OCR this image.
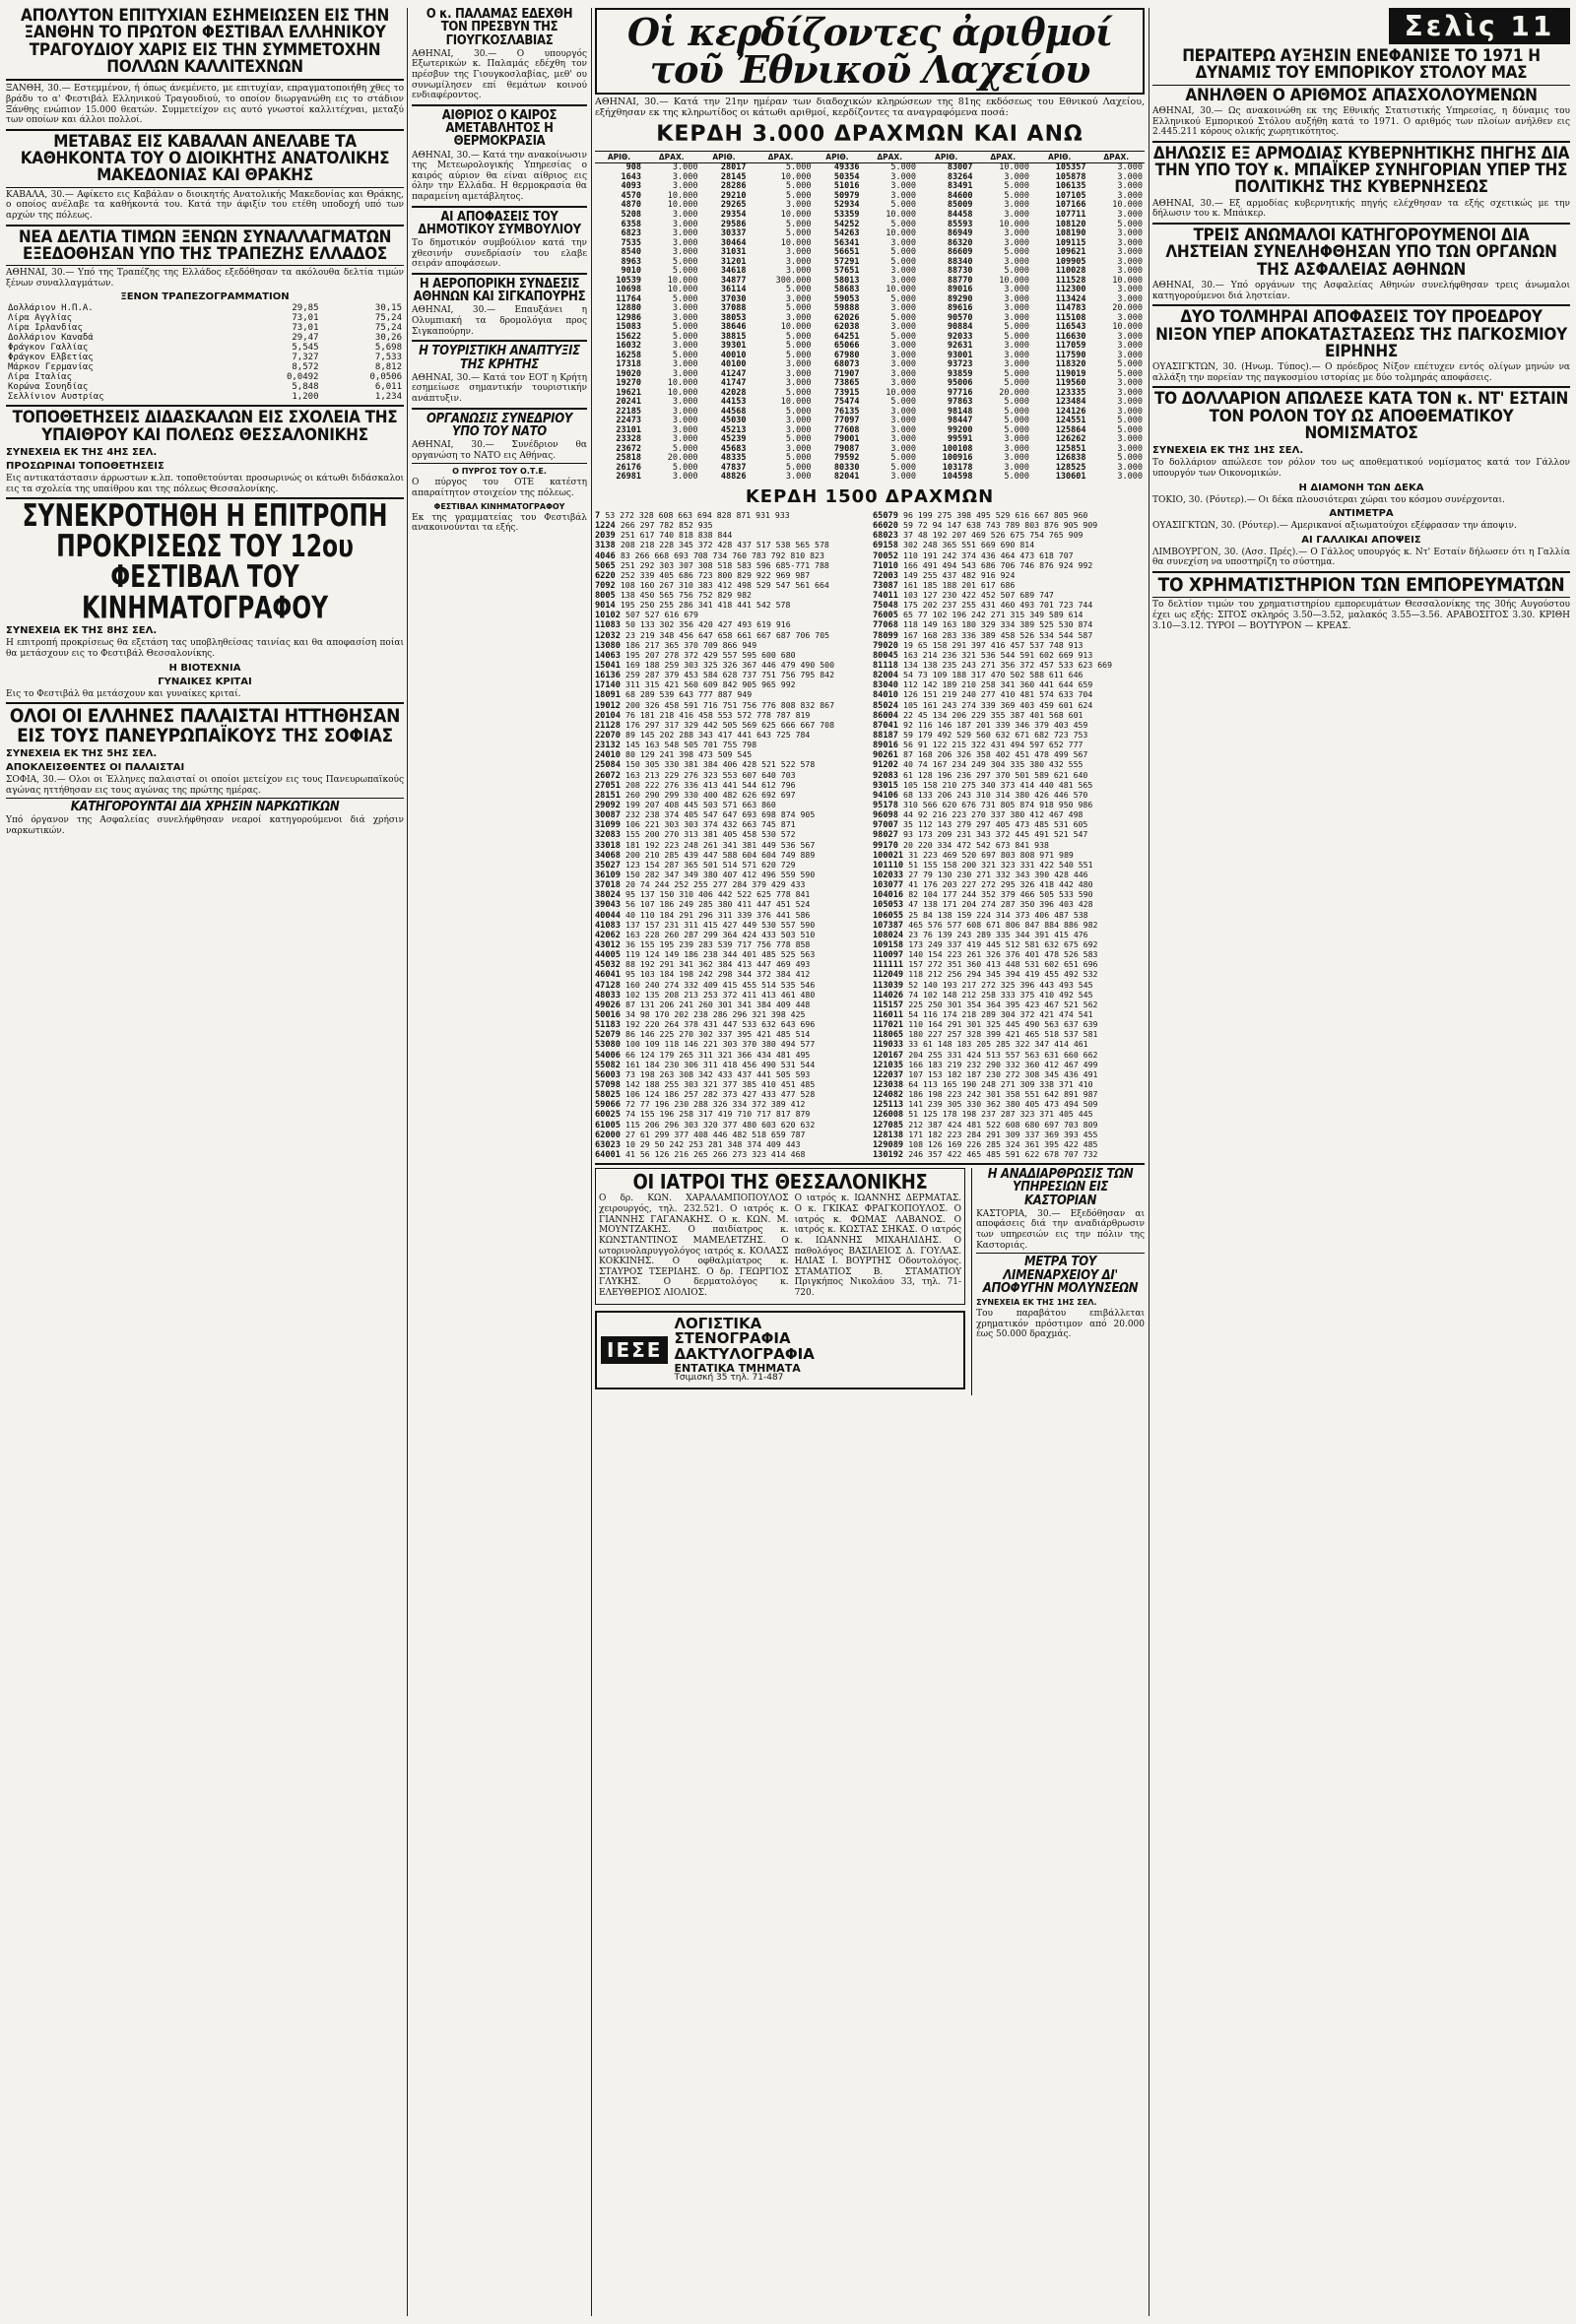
ΑΠΟΛΥΤΟΝ ΕΠΙΤΥΧΙΑΝ ΕΣΗΜΕΙΩΣΕΝ ΕΙΣ ΤΗΝ ΞΑΝΘΗΝ ΤΟ ΠΡΩΤΟΝ ΦΕΣΤΙΒΑΛ ΕΛΛΗΝΙΚΟΥ ΤΡΑΓΟΥΔΙΟΥ ΧΑΡΙΣ ΕΙΣ ΤΗΝ ΣΥΜΜΕΤΟΧΗΝ ΠΟΛΛΩΝ ΚΑΛΛΙΤΕΧΝΩΝ

ΞΑΝΘΗ, 30.— Εστεμμένον, ή όπως άνεμένετο, με επιτυχίαν, επραγματοποιήθη χθες το βράδυ το α' Φεστιβάλ Ελληνικού Τραγουδιού, το οποίον διωργανώθη εις το στάδιον Ξάνθης ενώπιον 15.000 θεατών. Συμμετείχον εις αυτό γνωστοί καλλιτέχναι, μεταξύ των οποίων και άλλοι πολλοί.

ΜΕΤΑΒΑΣ ΕΙΣ ΚΑΒΑΛΑΝ ΑΝΕΛΑΒΕ ΤΑ ΚΑΘΗΚΟΝΤΑ ΤΟΥ Ο ΔΙΟΙΚΗΤΗΣ ΑΝΑΤΟΛΙΚΗΣ ΜΑΚΕΔΟΝΙΑΣ ΚΑΙ ΘΡΑΚΗΣ

ΚΑΒΑΛΑ, 30.— Αφίκετο εις Καβάλαν ο διοικητής Ανατολικής Μακεδονίας και Θράκης, ο οποίος ανέλαβε τα καθήκοντά του. Κατά την άφιξίν του ετέθη υποδοχή υπό των αρχών της πόλεως.

ΝΕΑ ΔΕΛΤΙΑ ΤΙΜΩΝ ΞΕΝΩΝ ΣΥΝΑΛΛΑΓΜΑΤΩΝ ΕΞΕΔΟΘΗΣΑΝ ΥΠΟ ΤΗΣ ΤΡΑΠΕΖΗΣ ΕΛΛΑΔΟΣ

ΑΘΗΝΑΙ, 30.— Υπό της Τραπέζης της Ελλάδος εξεδόθησαν τα ακόλουθα δελτία τιμών ξένων συναλλαγμάτων.

ΞΕΝΟΝ ΤΡΑΠΕΖΟΓΡΑΜΜΑΤΙΟΝ
Δολλάριον Η.Π.Α.	29,85	30,15
Λίρα Αγγλίας	73,01	75,24
Λίρα Ιρλανδίας	73,01	75,24
Δολλάριον Καναδά	29,47	30,26
Φράγκον Γαλλίας	5,545	5,698
Φράγκον Ελβετίας	7,327	7,533
Μάρκον Γερμανίας	8,572	8,812
Λίρα Ιταλίας	0,0492	0,0506
Κορώνα Σουηδίας	5,848	6,011
Σελλίνιον Αυστρίας	1,200	1,234
ΤΟΠΟΘΕΤΗΣΕΙΣ ΔΙΔΑΣΚΑΛΩΝ ΕΙΣ ΣΧΟΛΕΙΑ ΤΗΣ ΥΠΑΙΘΡΟΥ ΚΑΙ ΠΟΛΕΩΣ ΘΕΣΣΑΛΟΝΙΚΗΣ
ΣΥΝΕΧΕΙΑ ΕΚ ΤΗΣ 4ΗΣ ΣΕΛ.
ΠΡΟΣΩΡΙΝΑΙ ΤΟΠΟΘΕΤΗΣΕΙΣ

Εις αντικατάστασιν άρρωστων κ.λπ. τοποθετούνται προσωρινώς οι κάτωθι διδάσκαλοι εις τα σχολεία της υπαίθρου και της πόλεως Θεσσαλονίκης.

ΣΥΝΕΚΡΟΤΗΘΗ Η ΕΠΙΤΡΟΠΗ ΠΡΟΚΡΙΣΕΩΣ ΤΟΥ 12ου ΦΕΣΤΙΒΑΛ ΤΟΥ ΚΙΝΗΜΑΤΟΓΡΑΦΟΥ
ΣΥΝΕΧΕΙΑ ΕΚ ΤΗΣ 8ΗΣ ΣΕΛ.

Η επιτροπή προκρίσεως θα εξετάση τας υποβληθείσας ταινίας και θα αποφασίση ποίαι θα μετάσχουν εις το Φεστιβάλ Θεσσαλονίκης.

Η ΒΙΟΤΕΧΝΙΑ
ΓΥΝΑΙΚΕΣ ΚΡΙΤΑΙ

Εις το Φεστιβάλ θα μετάσχουν και γυναίκες κριταί.

ΟΛΟΙ ΟΙ ΕΛΛΗΝΕΣ ΠΑΛΑΙΣΤΑΙ ΗΤΤΗΘΗΣΑΝ ΕΙΣ ΤΟΥΣ ΠΑΝΕΥΡΩΠΑΪΚΟΥΣ ΤΗΣ ΣΟΦΙΑΣ
ΣΥΝΕΧΕΙΑ ΕΚ ΤΗΣ 5ΗΣ ΣΕΛ.
ΑΠΟΚΛΕΙΣΘΕΝΤΕΣ ΟΙ ΠΑΛΑΙΣΤΑΙ

ΣΟΦΙΑ, 30.— Ολοι οι Έλληνες παλαισταί οι οποίοι μετείχον εις τους Πανευρωπαϊκούς αγώνας ηττήθησαν εις τους αγώνας της πρώτης ημέρας.

ΚΑΤΗΓΟΡΟΥΝΤΑΙ ΔΙΑ ΧΡΗΣΙΝ ΝΑΡΚΩΤΙΚΩΝ

Υπό όργανον της Ασφαλείας συνελήφθησαν νεαροί κατηγορούμενοι διά χρήσιν ναρκωτικών.

Ο κ. ΠΑΛΑΜΑΣ ΕΔΕΧΘΗ ΤΟΝ ΠΡΕΣΒΥΝ ΤΗΣ ΓΙΟΥΓΚΟΣΛΑΒΙΑΣ

ΑΘΗΝΑΙ, 30.— Ο υπουργός Εξωτερικών κ. Παλαμάς εδέχθη τον πρέσβυν της Γιουγκοσλαβίας, μεθ' ου συνωμίλησεν επί θεμάτων κοινού ενδιαφέροντος.

ΑΙΘΡΙΟΣ Ο ΚΑΙΡΟΣ ΑΜΕΤΑΒΛΗΤΟΣ Η ΘΕΡΜΟΚΡΑΣΙΑ

ΑΘΗΝΑΙ, 30.— Κατά την ανακοίνωσιν της Μετεωρολογικής Υπηρεσίας ο καιρός αύριον θα είναι αίθριος εις όλην την Ελλάδα. Η θερμοκρασία θα παραμείνη αμετάβλητος.

ΑΙ ΑΠΟΦΑΣΕΙΣ ΤΟΥ ΔΗΜΟΤΙΚΟΥ ΣΥΜΒΟΥΛΙΟΥ

Το δημοτικόν συμβούλιον κατά την χθεσινήν συνεδρίασίν του ελαβε σειράν αποφάσεων.

Η ΑΕΡΟΠΟΡΙΚΗ ΣΥΝΔΕΣΙΣ ΑΘΗΝΩΝ ΚΑΙ ΣΙΓΚΑΠΟΥΡΗΣ

ΑΘΗΝΑΙ, 30.— Επαυξάνει η Ολυμπιακή τα δρομολόγια προς Σιγκαπούρην.

Η ΤΟΥΡΙΣΤΙΚΗ ΑΝΑΠΤΥΞΙΣ ΤΗΣ ΚΡΗΤΗΣ

ΑΘΗΝΑΙ, 30.— Κατά τον ΕΟΤ η Κρήτη εσημείωσε σημαντικήν τουριστικήν ανάπτυξιν.

ΟΡΓΑΝΩΣΙΣ ΣΥΝΕΔΡΙΟΥ ΥΠΟ ΤΟΥ ΝΑΤΟ

ΑΘΗΝΑΙ, 30.— Συνέδριον θα οργανώση το ΝΑΤΟ εις Αθήνας.

Ο ΠΥΡΓΟΣ ΤΟΥ Ο.Τ.Ε.

Ο πύργος του ΟΤΕ κατέστη απαραίτητον στοιχείον της πόλεως.

ΦΕΣΤΙΒΑΛ ΚΙΝΗΜΑΤΟΓΡΑΦΟΥ

Εκ της γραμματείας του Φεστιβάλ ανακοινούνται τα εξής.

Οἱ κερδίζοντες ἀριθμοί τοῦ Ἐθνικοῦ Λαχείου

ΑΘΗΝΑΙ, 30.— Κατά την 21ην ημέραν των διαδοχικών κληρώσεων της 81ης εκδόσεως του Εθνικού Λαχείου, εξήχθησαν εκ της κληρωτίδος οι κάτωθι αριθμοί, κερδίζοντες τα αναγραφόμενα ποσά:

ΚΕΡΔΗ 3.000 ΔΡΑΧΜΩΝ ΚΑΙ ΑΝΩ
ΑΡΙΘ.	ΔΡΑΧ.	ΑΡΙΘ.	ΔΡΑΧ.	ΑΡΙΘ.	ΔΡΑΧ.	ΑΡΙΘ.	ΔΡΑΧ.	ΑΡΙΘ.	ΔΡΑΧ.
908	3.000	28017	5.000	49336	5.000	83007	10.000	105357	3.000
1643	3.000	28145	10.000	50354	3.000	83264	3.000	105878	3.000
4093	3.000	28286	5.000	51016	3.000	83491	5.000	106135	3.000
4570	10.000	29210	5.000	50979	3.000	84600	5.000	107105	3.000
4870	10.000	29265	3.000	52934	5.000	85009	3.000	107166	10.000
5208	3.000	29354	10.000	53359	10.000	84458	3.000	107711	3.000
6358	3.000	29586	5.000	54252	5.000	85593	10.000	108120	5.000
6823	3.000	30337	5.000	54263	10.000	86949	3.000	108190	3.000
7535	3.000	30464	10.000	56341	3.000	86320	3.000	109115	3.000
8540	3.000	31031	3.000	56651	5.000	86609	5.000	109621	3.000
8963	5.000	31201	3.000	57291	5.000	88340	3.000	109905	3.000
9010	5.000	34618	3.000	57651	3.000	88730	5.000	110028	3.000
10539	10.000	34877	300.000	58013	3.000	88770	10.000	111528	10.000
10698	10.000	36114	5.000	58683	10.000	89016	3.000	112300	3.000
11764	5.000	37030	3.000	59053	5.000	89290	3.000	113424	3.000
12880	3.000	37088	5.000	59888	3.000	89616	3.000	114783	20.000
12986	3.000	38053	3.000	62026	5.000	90570	3.000	115108	3.000
15083	5.000	38646	10.000	62038	3.000	90884	5.000	116543	10.000
15622	5.000	38815	5.000	64251	5.000	92033	5.000	116630	3.000
16032	3.000	39301	5.000	65066	3.000	92631	3.000	117059	3.000
16258	5.000	40010	5.000	67980	3.000	93001	3.000	117590	3.000
17318	3.000	40100	3.000	68073	3.000	93723	3.000	118320	5.000
19020	3.000	41247	3.000	71907	3.000	93859	5.000	119019	5.000
19270	10.000	41747	3.000	73865	3.000	95006	5.000	119560	3.000
19621	10.000	42028	5.000	73915	10.000	97716	20.000	123335	3.000
20241	3.000	44153	10.000	75474	5.000	97863	5.000	123484	3.000
22185	3.000	44568	5.000	76135	3.000	98148	5.000	124126	3.000
22473	3.000	45030	3.000	77097	3.000	98447	5.000	124551	5.000
23101	3.000	45213	3.000	77608	3.000	99200	5.000	125864	5.000
23328	3.000	45239	5.000	79001	3.000	99591	3.000	126262	3.000
23672	5.000	45683	3.000	79087	3.000	100108	3.000	125851	3.000
25818	20.000	48335	5.000	79592	5.000	100916	3.000	126838	5.000
26176	5.000	47837	5.000	80330	5.000	103178	3.000	128525	3.000
26981	3.000	48826	3.000	82041	3.000	104598	5.000	130601	3.000
ΚΕΡΔΗ 1500 ΔΡΑΧΜΩΝ
7 53 272 328 608 663 694 828 871 931 933
1224 266 297 782 852 935
2039 251 617 740 818 838 844
3138 208 218 228 345 372 428 437 517 538 565 578
4046 83 266 668 693 708 734 760 783 792 810 823
5065 251 292 303 307 308 518 583 596 685-771 788
6220 252 339 405 686 723 800 829 922 969 987
7092 108 160 267 310 383 412 498 529 547 561 664
8005 138 450 565 756 752 829 982
9014 195 250 255 286 341 418 441 542 578
10102 507 527 616 679
11083 50 133 302 356 420 427 493 619 916
12032 23 219 348 456 647 658 661 667 687 706 705
13080 186 217 365 370 709 866 949
14063 195 207 278 372 429 557 595 600 680
15041 169 188 259 303 325 326 367 446 479 490 500
16136 259 287 379 453 584 628 737 751 756 795 842
17140 311 315 421 560 609 842 905 965 992
18091 68 289 539 643 777 887 949
19012 200 326 458 591 716 751 756 776 808 832 867
20104 76 181 218 416 458 553 572 778 787 819
21128 176 297 317 329 442 505 569 625 666 667 708
22070 89 145 202 288 343 417 441 643 725 784
23132 145 163 548 505 701 755 798
24010 80 129 241 398 473 509 545
25084 150 305 330 381 384 406 428 521 522 578
26072 163 213 229 276 323 553 607 640 703
27051 208 222 276 336 413 441 544 612 796
28151 260 290 299 330 400 482 626 692 697
29092 199 207 408 445 503 571 663 860
30087 232 238 374 405 547 647 693 698 874 905
31099 106 221 303 303 374 432 663 745 871
32083 155 200 270 313 381 405 458 530 572
33018 181 192 223 248 261 341 381 449 536 567
34068 200 210 285 439 447 588 604 604 749 889
35027 123 154 287 365 501 514 571 620 729
36109 150 282 347 349 380 407 412 496 559 590
37018 20 74 244 252 255 277 284 379 429 433
38024 95 137 150 310 406 442 522 625 778 841
39043 56 107 186 249 285 380 411 447 451 524
40044 40 110 184 291 296 311 339 376 441 586
41083 137 157 231 311 415 427 449 530 557 590
42062 163 228 260 287 299 364 424 433 503 510
43012 36 155 195 239 283 539 717 756 778 858
44005 119 124 149 186 238 344 401 485 525 563
45032 88 192 291 341 362 384 413 447 469 493
46041 95 103 184 198 242 298 344 372 384 412
47128 160 240 274 332 409 415 455 514 535 546
48033 102 135 208 213 253 372 411 413 461 480
49026 87 131 206 241 260 301 341 384 409 448
50016 34 98 170 202 238 286 296 321 398 425
51183 192 220 264 378 431 447 533 632 643 696
52079 86 146 225 270 302 337 395 421 485 514
53080 100 109 118 146 221 303 370 380 494 577
54006 66 124 179 265 311 321 366 434 481 495
55082 161 184 230 306 311 418 456 490 531 544
56003 73 198 263 308 342 433 437 441 505 593
57098 142 188 255 303 321 377 385 410 451 485
58025 106 124 186 257 282 373 427 433 477 528
59066 72 77 196 230 288 326 334 372 389 412
60025 74 155 196 258 317 419 710 717 817 879
61005 115 206 296 303 320 377 480 603 620 632
62000 27 61 299 377 408 446 482 518 659 787
63023 10 29 50 242 253 281 348 374 409 443
64001 41 56 126 216 265 266 273 323 414 468
65079 96 199 275 398 495 529 616 667 805 960
66020 59 72 94 147 638 743 789 803 876 905 909
68023 37 48 192 207 469 526 675 754 765 909
69158 302 248 365 551 669 690 814
70052 110 191 242 374 436 464 473 618 707
71010 166 491 494 543 686 706 746 876 924 992
72003 149 255 437 482 916 924
73087 161 185 188 201 617 686
74011 103 127 230 422 452 507 689 747
75048 175 202 237 255 431 460 493 701 723 744
76005 65 77 102 196 242 271 315 349 589 614
77068 118 149 163 180 329 334 389 525 530 874
78099 167 168 283 336 389 458 526 534 544 587
79020 19 65 158 291 397 416 457 537 748 913
80045 163 214 236 321 536 544 591 602 669 913
81118 134 138 235 243 271 356 372 457 533 623 669
82004 54 73 109 188 317 470 502 588 611 646
83040 112 142 189 210 258 341 360 441 644 659
84010 126 151 219 240 277 410 481 574 633 704
85024 105 161 243 274 339 369 403 459 601 624
86004 22 45 134 206 229 355 387 401 568 601
87041 92 116 146 187 201 339 346 379 403 459
88187 59 179 492 529 560 632 671 682 723 753
89016 56 91 122 215 322 431 494 597 652 777
90261 87 168 206 326 358 402 451 478 499 567
91202 40 74 167 234 249 304 335 380 432 555
92083 61 128 196 236 297 370 501 589 621 640
93015 105 158 210 275 340 373 414 440 481 565
94106 68 133 206 243 310 314 380 426 446 570
95178 310 566 620 676 731 805 874 918 950 986
96098 44 92 216 223 270 337 380 412 467 498
97007 35 112 143 279 297 405 473 485 531 605
98027 93 173 209 231 343 372 445 491 521 547
99170 20 220 334 472 542 673 841 938
100021 31 223 469 520 697 803 808 971 989
101110 51 155 158 200 321 323 331 422 540 551
102033 27 79 130 230 271 332 343 390 428 446
103077 41 176 203 227 272 295 326 418 442 480
104016 82 104 177 244 352 379 466 505 533 590
105053 47 138 171 204 274 287 350 396 403 428
106055 25 84 138 159 224 314 373 406 487 538
107387 465 576 577 608 671 806 847 884 886 982
108024 23 76 139 243 289 335 344 391 415 476
109158 173 249 337 419 445 512 581 632 675 692
110097 140 154 223 261 326 376 401 478 526 583
111111 157 272 351 360 413 448 531 602 651 696
112049 118 212 256 294 345 394 419 455 492 532
113039 52 140 193 217 272 325 396 443 493 545
114026 74 102 148 212 258 333 375 410 492 545
115157 225 250 301 354 364 395 423 467 521 562
116011 54 116 174 218 289 304 372 421 474 541
117021 110 164 291 301 325 445 490 563 637 639
118065 180 227 257 328 399 421 465 518 537 581
119033 33 61 148 183 205 285 322 347 414 461
120167 204 255 331 424 513 557 563 631 660 662
121035 166 183 219 232 290 332 360 412 467 499
122037 107 153 182 187 230 272 308 345 436 491
123038 64 113 165 190 248 271 309 338 371 410
124082 186 198 223 242 301 358 551 642 891 987
125113 141 239 305 330 362 380 405 473 494 509
126008 51 125 178 198 237 287 323 371 405 445
127085 212 387 424 481 522 608 680 697 703 809
128138 171 182 223 284 291 309 337 369 393 455
129089 108 126 169 226 285 324 361 395 422 485
130192 246 357 422 465 485 591 622 678 707 732
ΟΙ ΙΑΤΡΟΙ ΤΗΣ ΘΕΣΣΑΛΟΝΙΚΗΣ

Ο δρ. ΚΩΝ. ΧΑΡΑΛΑΜΠΟΠΟΥΛΟΣ χειρουργός, τηλ. 232.521. Ο ιατρός κ. ΓΙΑΝΝΗΣ ΓΑΓΑΝΑΚΗΣ. Ο κ. ΚΩΝ. Μ. ΜΟΥΝΤΖΑΚΗΣ. Ο παιδίατρος κ. ΚΩΝΣΤΑΝΤΙΝΟΣ ΜΑΜΕΛΕΤΖΗΣ. Ο ωτορινολαρυγγολόγος ιατρός κ. ΚΟΛΑΣΣ ΚΟΚΚΙΝΗΣ. Ο οφθαλμίατρος κ. ΣΤΑΥΡΟΣ ΤΣΕΡΙΔΗΣ. Ο δρ. ΓΕΩΡΓΙΟΣ ΓΛΥΚΗΣ. Ο δερματολόγος κ. ΕΛΕΥΘΕΡΙΟΣ ΛΙΟΛΙΟΣ.

Ο ιατρός κ. ΙΩΑΝΝΗΣ ΔΕΡΜΑΤΑΣ. Ο κ. ΓΚΙΚΑΣ ΦΡΑΓΚΟΠΟΥΛΟΣ. Ο ιατρός κ. ΦΩΜΑΣ ΛΑΒΑΝΟΣ. Ο ιατρός κ. ΚΩΣΤΑΣ ΣΗΚΑΣ. Ο ιατρός κ. ΙΩΑΝΝΗΣ ΜΙΧΑΗΛΙΔΗΣ. Ο παθολόγος ΒΑΣΙΛΕΙΟΣ Δ. ΓΟΥΛΑΣ. ΗΛΙΑΣ Ι. ΒΟΥΡΤΗΣ Οδοντολόγος. ΣΤΑΜΑΤΙΟΣ Β. ΣΤΑΜΑΤΙΟΥ Πριγκήπος Νικολάου 33, τηλ. 71-720.

ΙΕΣΕ
ΛΟΓΙΣΤΙΚΑ
ΣΤΕΝΟΓΡΑΦΙΑ
ΔΑΚΤΥΛΟΓΡΑΦΙΑ
ΕΝΤΑΤΙΚΑ ΤΜΗΜΑΤΑ
Τσιμισκή 35 τηλ. 71-487
Η ΑΝΑΔΙΑΡΘΡΩΣΙΣ ΤΩΝ ΥΠΗΡΕΣΙΩΝ ΕΙΣ ΚΑΣΤΟΡΙΑΝ

ΚΑΣΤΟΡΙΑ, 30.— Εξεδόθησαν αι αποφάσεις διά την αναδιάρθρωσιν των υπηρεσιών εις την πόλιν της Καστοριάς.

ΜΕΤΡΑ ΤΟΥ ΛΙΜΕΝΑΡΧΕΙΟΥ ΔΙ' ΑΠΟΦΥΓΗΝ ΜΟΛΥΝΣΕΩΝ
ΣΥΝΕΧΕΙΑ ΕΚ ΤΗΣ 1ΗΣ ΣΕΛ.

Του παραβάτου επιβάλλεται χρηματικόν πρόστιμον από 20.000 έως 50.000 δραχμάς.

Σελὶς 11
ΠΕΡΑΙΤΕΡΩ ΑΥΞΗΣΙΝ ΕΝΕΦΑΝΙΣΕ ΤΟ 1971 Η ΔΥΝΑΜΙΣ ΤΟΥ ΕΜΠΟΡΙΚΟΥ ΣΤΟΛΟΥ ΜΑΣ
ΑΝΗΛΘΕΝ Ο ΑΡΙΘΜΟΣ ΑΠΑΣΧΟΛΟΥΜΕΝΩΝ

ΑΘΗΝΑΙ, 30.— Ως ανακοινώθη εκ της Εθνικής Στατιστικής Υπηρεσίας, η δύναμις του Ελληνικού Εμπορικού Στόλου αυξήθη κατά το 1971. Ο αριθμός των πλοίων ανήλθεν εις 2.445.211 κόρους ολικής χωρητικότητος.

ΔΗΛΩΣΙΣ ΕΞ ΑΡΜΟΔΙΑΣ ΚΥΒΕΡΝΗΤΙΚΗΣ ΠΗΓΗΣ ΔΙΑ ΤΗΝ ΥΠΟ ΤΟΥ κ. ΜΠΑΪΚΕΡ ΣΥΝΗΓΟΡΙΑΝ ΥΠΕΡ ΤΗΣ ΠΟΛΙΤΙΚΗΣ ΤΗΣ ΚΥΒΕΡΝΗΣΕΩΣ

ΑΘΗΝΑΙ, 30.— Εξ αρμοδίας κυβερνητικής πηγής ελέχθησαν τα εξής σχετικώς με την δήλωσιν του κ. Μπάικερ.

ΤΡΕΙΣ ΑΝΩΜΑΛΟΙ ΚΑΤΗΓΟΡΟΥΜΕΝΟΙ ΔΙΑ ΛΗΣΤΕΙΑΝ ΣΥΝΕΛΗΦΘΗΣΑΝ ΥΠΟ ΤΩΝ ΟΡΓΑΝΩΝ ΤΗΣ ΑΣΦΑΛΕΙΑΣ ΑΘΗΝΩΝ

ΑΘΗΝΑΙ, 30.— Υπό οργάνων της Ασφαλείας Αθηνών συνελήφθησαν τρεις άνωμαλοι κατηγορούμενοι διά ληστείαν.

ΔΥΟ ΤΟΛΜΗΡΑΙ ΑΠΟΦΑΣΕΙΣ ΤΟΥ ΠΡΟΕΔΡΟΥ ΝΙΞΟΝ ΥΠΕΡ ΑΠΟΚΑΤΑΣΤΑΣΕΩΣ ΤΗΣ ΠΑΓΚΟΣΜΙΟΥ ΕΙΡΗΝΗΣ

ΟΥΑΣΙΓΚΤΩΝ, 30. (Ηνωμ. Τύπος).— Ο πρόεδρος Νίξον επέτυχεν εντός ολίγων μηνών να αλλάξη την πορείαν της παγκοσμίου ιστορίας με δύο τολμηράς αποφάσεις.

ΤΟ ΔΟΛΛΑΡΙΟΝ ΑΠΩΛΕΣΕ ΚΑΤΑ ΤΟΝ κ. ΝΤ' ΕΣΤΑΙΝ ΤΟΝ ΡΟΛΟΝ ΤΟΥ ΩΣ ΑΠΟΘΕΜΑΤΙΚΟΥ ΝΟΜΙΣΜΑΤΟΣ
ΣΥΝΕΧΕΙΑ ΕΚ ΤΗΣ 1ΗΣ ΣΕΛ.

Το δολλάριον απώλεσε τον ρόλον του ως αποθεματικού νομίσματος κατά τον Γάλλον υπουργόν των Οικονομικών.

Η ΔΙΑΜΟΝΗ ΤΩΝ ΔΕΚΑ

ΤΟΚΙΟ, 30. (Ρόυτερ).— Οι δέκα πλουσιότεραι χώραι του κόσμου συνέρχονται.

ΑΝΤΙΜΕΤΡΑ

ΟΥΑΣΙΓΚΤΩΝ, 30. (Ρόυτερ).— Αμερικανοί αξιωματούχοι εξέφρασαν την άποψιν.

ΑΙ ΓΑΛΛΙΚΑΙ ΑΠΟΨΕΙΣ

ΛΙΜΒΟΥΡΓΟΝ, 30. (Ασσ. Πρές).— Ο Γάλλος υπουργός κ. Ντ' Εσταίν δήλωσεν ότι η Γαλλία θα συνεχίση να υποστηρίζη το σύστημα.

ΤΟ ΧΡΗΜΑΤΙΣΤΗΡΙΟΝ ΤΩΝ ΕΜΠΟΡΕΥΜΑΤΩΝ

Το δελτίον τιμών του χρηματιστηρίου εμπορευμάτων Θεσσαλονίκης της 30ής Αυγούστου έχει ως εξής: ΣΙΤΟΣ σκληρός 3.50—3.52, μαλακός 3.55—3.56. ΑΡΑΒΟΣΙΤΟΣ 3.30. ΚΡΙΘΗ 3.10—3.12. ΤΥΡΟΙ — ΒΟΥΤΥΡΟΝ — ΚΡΕΑΣ.
